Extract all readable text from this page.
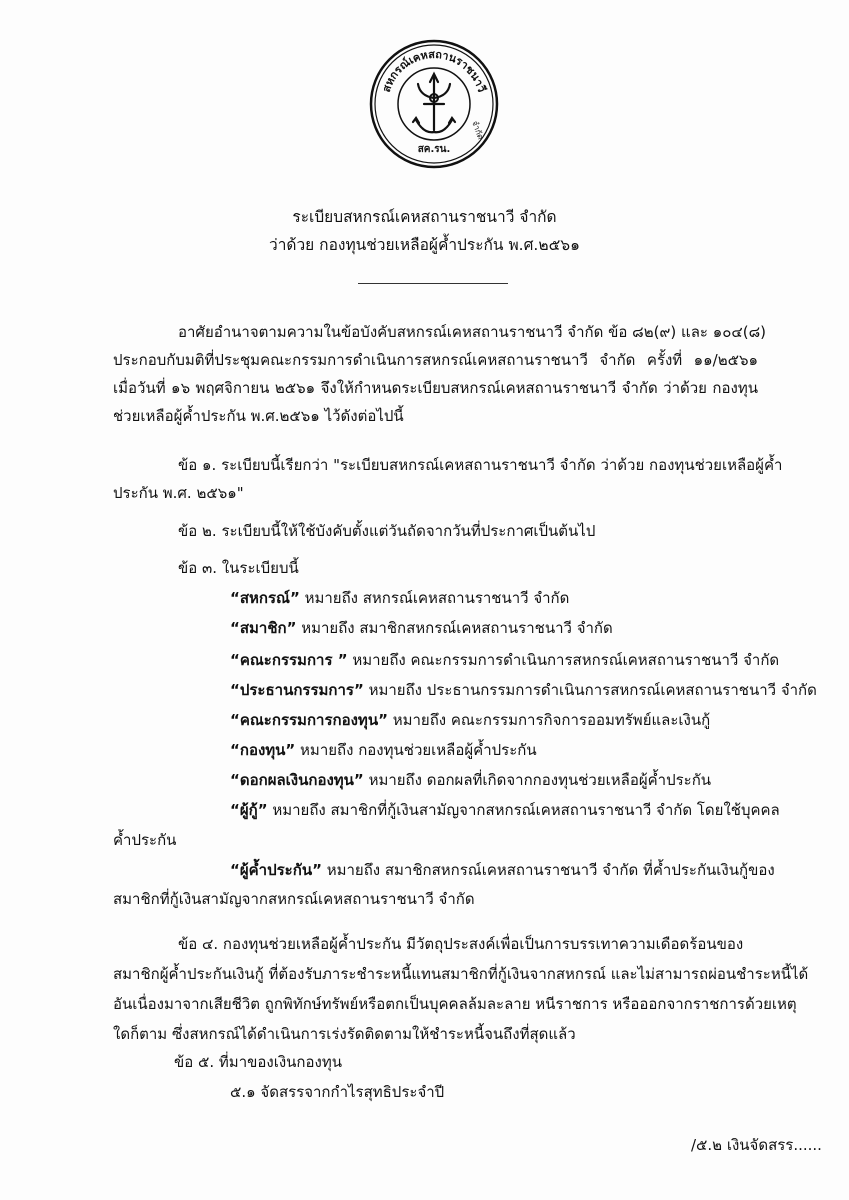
สหกรณ์เคหสถานราชนาวี
จำกัด
สค.รน.
ระเบียบสหกรณ์เคหสถานราชนาวี จำกัด
ว่าด้วย กองทุนช่วยเหลือผู้ค้ำประกัน พ.ศ.๒๕๖๑
อาศัยอำนาจตามความในข้อบังคับสหกรณ์เคหสถานราชนาวี จำกัด ข้อ ๘๒(๙) และ ๑๐๔(๘)
ประกอบกับมติที่ประชุมคณะกรรมการดำเนินการสหกรณ์เคหสถานราชนาวี จำกัด ครั้งที่ ๑๑/๒๕๖๑
เมื่อวันที่ ๑๖ พฤศจิกายน ๒๕๖๑ จึงให้กำหนดระเบียบสหกรณ์เคหสถานราชนาวี จำกัด ว่าด้วย กองทุน
ช่วยเหลือผู้ค้ำประกัน พ.ศ.๒๕๖๑ ไว้ดังต่อไปนี้
ข้อ ๑. ระเบียบนี้เรียกว่า "ระเบียบสหกรณ์เคหสถานราชนาวี จำกัด ว่าด้วย กองทุนช่วยเหลือผู้ค้ำ
ประกัน พ.ศ. ๒๕๖๑"
ข้อ ๒. ระเบียบนี้ให้ใช้บังคับตั้งแต่วันถัดจากวันที่ประกาศเป็นต้นไป
ข้อ ๓. ในระเบียบนี้
“สหกรณ์” หมายถึง สหกรณ์เคหสถานราชนาวี จำกัด
“สมาชิก” หมายถึง สมาชิกสหกรณ์เคหสถานราชนาวี จำกัด
“คณะกรรมการ ” หมายถึง คณะกรรมการดำเนินการสหกรณ์เคหสถานราชนาวี จำกัด
“ประธานกรรมการ” หมายถึง ประธานกรรมการดำเนินการสหกรณ์เคหสถานราชนาวี จำกัด
“คณะกรรมการกองทุน” หมายถึง คณะกรรมการกิจการออมทรัพย์และเงินกู้
“กองทุน” หมายถึง กองทุนช่วยเหลือผู้ค้ำประกัน
“ดอกผลเงินกองทุน” หมายถึง ดอกผลที่เกิดจากกองทุนช่วยเหลือผู้ค้ำประกัน
“ผู้กู้” หมายถึง สมาชิกที่กู้เงินสามัญจากสหกรณ์เคหสถานราชนาวี จำกัด โดยใช้บุคคล
ค้ำประกัน
“ผู้ค้ำประกัน” หมายถึง สมาชิกสหกรณ์เคหสถานราชนาวี จำกัด ที่ค้ำประกันเงินกู้ของ
สมาชิกที่กู้เงินสามัญจากสหกรณ์เคหสถานราชนาวี จำกัด
ข้อ ๔. กองทุนช่วยเหลือผู้ค้ำประกัน มีวัตถุประสงค์เพื่อเป็นการบรรเทาความเดือดร้อนของ
สมาชิกผู้ค้ำประกันเงินกู้ ที่ต้องรับภาระชำระหนี้แทนสมาชิกที่กู้เงินจากสหกรณ์ และไม่สามารถผ่อนชำระหนี้ได้
อันเนื่องมาจากเสียชีวิต ถูกพิทักษ์ทรัพย์หรือตกเป็นบุคคลล้มละลาย หนีราชการ หรือออกจากราชการด้วยเหตุ
ใดก็ตาม ซึ่งสหกรณ์ได้ดำเนินการเร่งรัดติดตามให้ชำระหนี้จนถึงที่สุดแล้ว
ข้อ ๕. ที่มาของเงินกองทุน
๕.๑ จัดสรรจากกำไรสุทธิประจำปี
/๕.๒ เงินจัดสรร......
